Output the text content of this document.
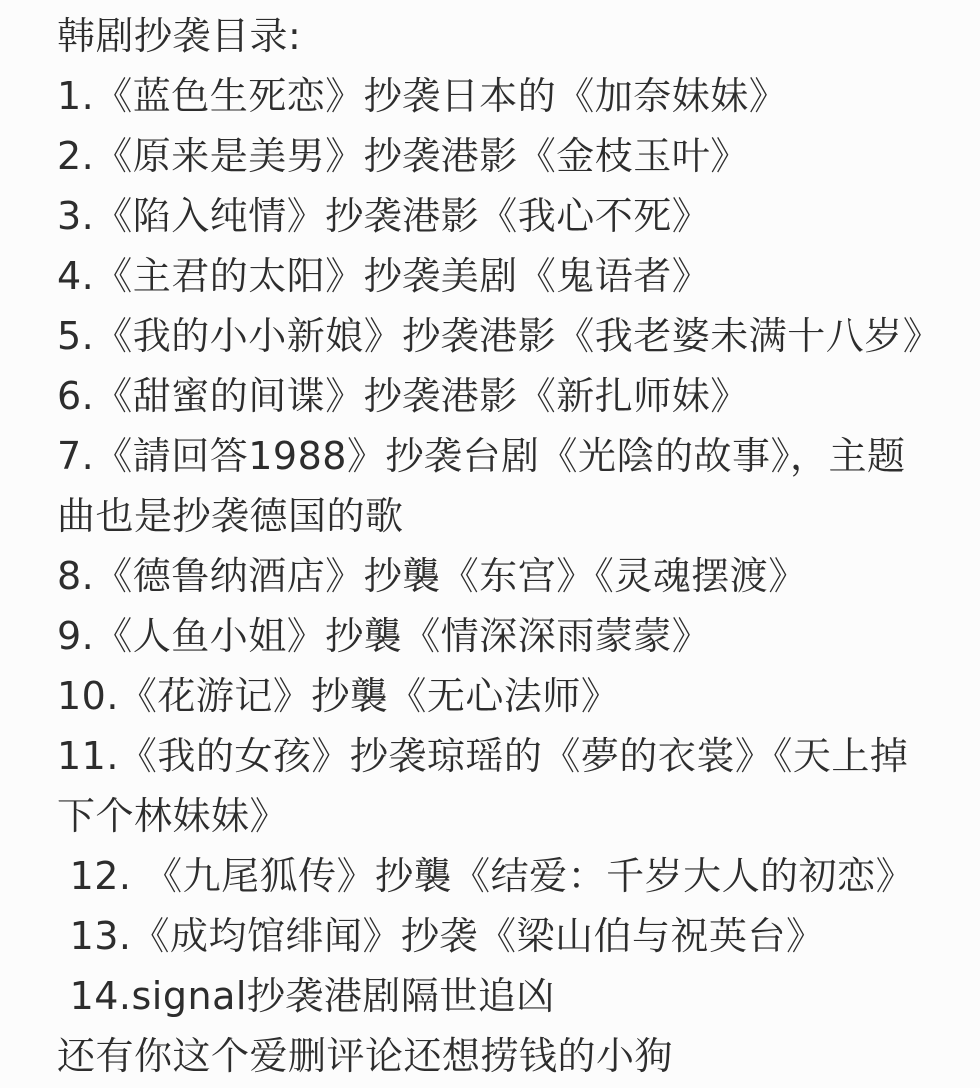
韩剧抄袭目录:
1.《蓝色生死恋》抄袭日本的《加奈妹妹》
2.《原来是美男》抄袭港影《金枝玉叶》
3.《陷入纯情》抄袭港影《我心不死》
4.《主君的太阳》抄袭美剧《鬼语者》
5.《我的小小新娘》抄袭港影《我老婆未满十八岁》
6.《甜蜜的间谍》抄袭港影《新扎师妹》
7.《請回答1988》抄袭台剧《光陰的故事》，主题
曲也是抄袭德国的歌
8.《德鲁纳酒店》抄襲《东宫》《灵魂摆渡》
9.《人鱼小姐》抄襲《情深深雨蒙蒙》
10.《花游记》抄襲《无心法师》
11.《我的女孩》抄袭琼瑶的《夢的衣裳》《天上掉
下个林妹妹》
12. 《九尾狐传》抄襲《结爱：千岁大人的初恋》
13.《成均馆绯闻》抄袭《梁山伯与祝英台》
14.signal抄袭港剧隔世追凶
还有你这个爱删评论还想捞钱的小狗
